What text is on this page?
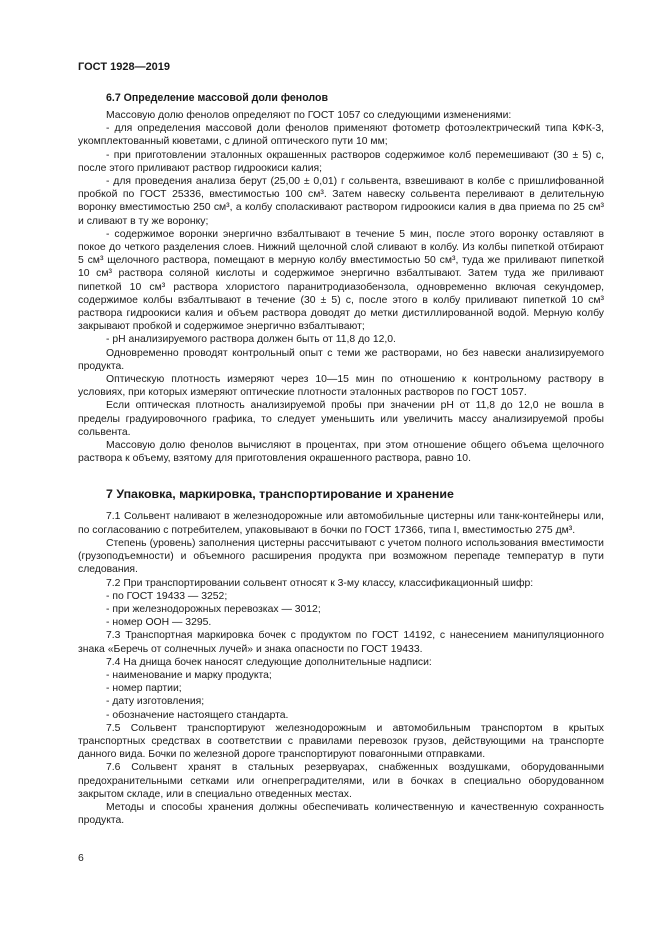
ГОСТ 1928—2019
6.7 Определение массовой доли фенолов

Массовую долю фенолов определяют по ГОСТ 1057 со следующими изменениями:

- для определения массовой доли фенолов применяют фотометр фотоэлектрический типа КФК-3, укомплектованный кюветами, с длиной оптического пути 10 мм;

- при приготовлении эталонных окрашенных растворов содержимое колб перемешивают (30 ± 5) с, после этого приливают раствор гидроокиси калия;

- для проведения анализа берут (25,00 ± 0,01) г сольвента, взвешивают в колбе с пришлифованной пробкой по ГОСТ 25336, вместимостью 100 см³. Затем навеску сольвента переливают в делительную воронку вместимостью 250 см³, а колбу споласкивают раствором гидроокиси калия в два приема по 25 см³ и сливают в ту же воронку;

- содержимое воронки энергично взбалтывают в течение 5 мин, после этого воронку оставляют в покое до четкого разделения слоев. Нижний щелочной слой сливают в колбу. Из колбы пипеткой отбирают 5 см³ щелочного раствора, помещают в мерную колбу вместимостью 50 см³, туда же приливают пипеткой 10 см³ раствора соляной кислоты и содержимое энергично взбалтывают. Затем туда же приливают пипеткой 10 см³ раствора хлористого паранитродиазобензола, одновременно включая секундомер, содержимое колбы взбалтывают в течение (30 ± 5) с, после этого в колбу приливают пипеткой 10 см³ раствора гидроокиси калия и объем раствора доводят до метки дистиллированной водой. Мерную колбу закрывают пробкой и содержимое энергично взбалтывают;

- pH анализируемого раствора должен быть от 11,8 до 12,0.

Одновременно проводят контрольный опыт с теми же растворами, но без навески анализируемого продукта.

Оптическую плотность измеряют через 10—15 мин по отношению к контрольному раствору в условиях, при которых измеряют оптические плотности эталонных растворов по ГОСТ 1057.

Если оптическая плотность анализируемой пробы при значении pH от 11,8 до 12,0 не вошла в пределы градуировочного графика, то следует уменьшить или увеличить массу анализируемой пробы сольвента.

Массовую долю фенолов вычисляют в процентах, при этом отношение общего объема щелочного раствора к объему, взятому для приготовления окрашенного раствора, равно 10.

7 Упаковка, маркировка, транспортирование и хранение

7.1 Сольвент наливают в железнодорожные или автомобильные цистерны или танк-контейнеры или, по согласованию с потребителем, упаковывают в бочки по ГОСТ 17366, типа I, вместимостью 275 дм³.

Степень (уровень) заполнения цистерны рассчитывают с учетом полного использования вместимости (грузоподъемности) и объемного расширения продукта при возможном перепаде температур в пути следования.

7.2 При транспортировании сольвент относят к 3-му классу, классификационный шифр:

- по ГОСТ 19433 — 3252;

- при железнодорожных перевозках — 3012;

- номер ООН — 3295.

7.3 Транспортная маркировка бочек с продуктом по ГОСТ 14192, с нанесением манипуляционного знака «Беречь от солнечных лучей» и знака опасности по ГОСТ 19433.

7.4 На днища бочек наносят следующие дополнительные надписи:

- наименование и марку продукта;

- номер партии;

- дату изготовления;

- обозначение настоящего стандарта.

7.5 Сольвент транспортируют железнодорожным и автомобильным транспортом в крытых транспортных средствах в соответствии с правилами перевозок грузов, действующими на транспорте данного вида. Бочки по железной дороге транспортируют повагонными отправками.

7.6 Сольвент хранят в стальных резервуарах, снабженных воздушками, оборудованными предохранительными сетками или огнепреградителями, или в бочках в специально оборудованном закрытом складе, или в специально отведенных местах.

Методы и способы хранения должны обеспечивать количественную и качественную сохранность продукта.

6
